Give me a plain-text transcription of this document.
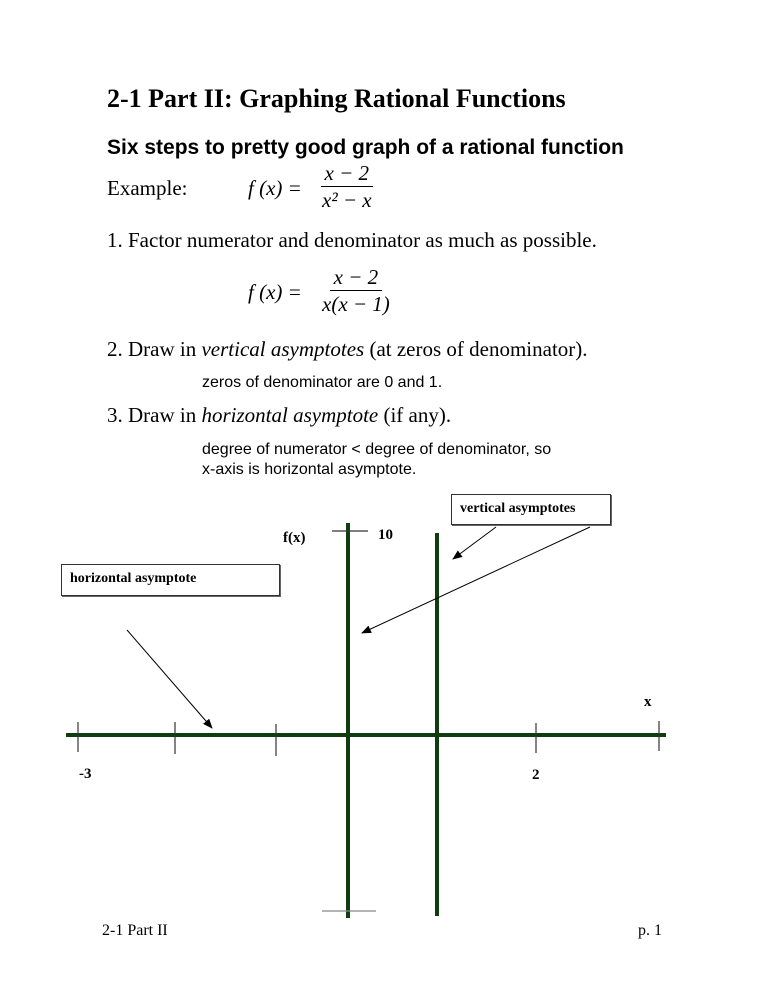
2-1 Part II: Graphing Rational Functions
Six steps to pretty good graph of a rational function
Example:	f $(x) = \frac{x - 2}{\text{x² − x}}$
1. Factor numerator and denominator as much as possible.
f $(x) = \frac{x - 2}{x(x - 1)}$
2. Draw in vertical asymptotes (at zeros of denominator).
zeros of denominator are 0 and 1.
3. Draw in horizontal asymptote (if any).
degree of numerator < degree of denominator, so
x-axis is horizontal asymptote.
f(x)	10
x
-3	2
vertical asymptotes
horizontal asymptote
2-1 Part II	p. 1
